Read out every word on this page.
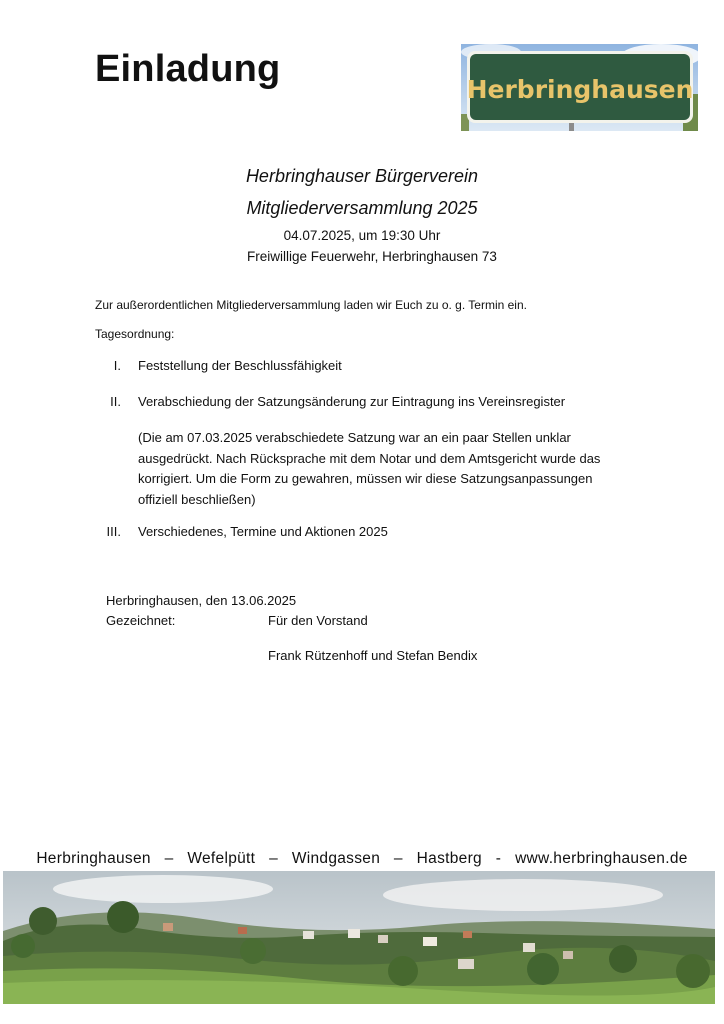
Einladung	Herbringhausen
Herbringhauser Bürgerverein
Mitgliederversammlung 2025
04.07.2025, um 19:30 Uhr
Freiwillige Feuerwehr, Herbringhausen 73
Zur außerordentlichen Mitgliederversammlung laden wir Euch zu o. g. Termin ein.
Tagesordnung:
I. Feststellung der Beschlussfähigkeit
II. Verabschiedung der Satzungsänderung zur Eintragung ins Vereinsregister
(Die am 07.03.2025 verabschiedete Satzung war an ein paar Stellen unklar
ausgedrückt. Nach Rücksprache mit dem Notar und dem Amtsgericht wurde das
korrigiert. Um die Form zu gewahren, müssen wir diese Satzungsanpassungen
offiziell beschließen)
III. Verschiedenes, Termine und Aktionen 2025
Herbringhausen, den 13.06.2025
Gezeichnet:	Für den Vorstand
Frank Rützenhoff und Stefan Bendix
Herbringhausen   –   Wefelpütt   –   Windgassen   –   Hastberg   -   www.herbringhausen.de
